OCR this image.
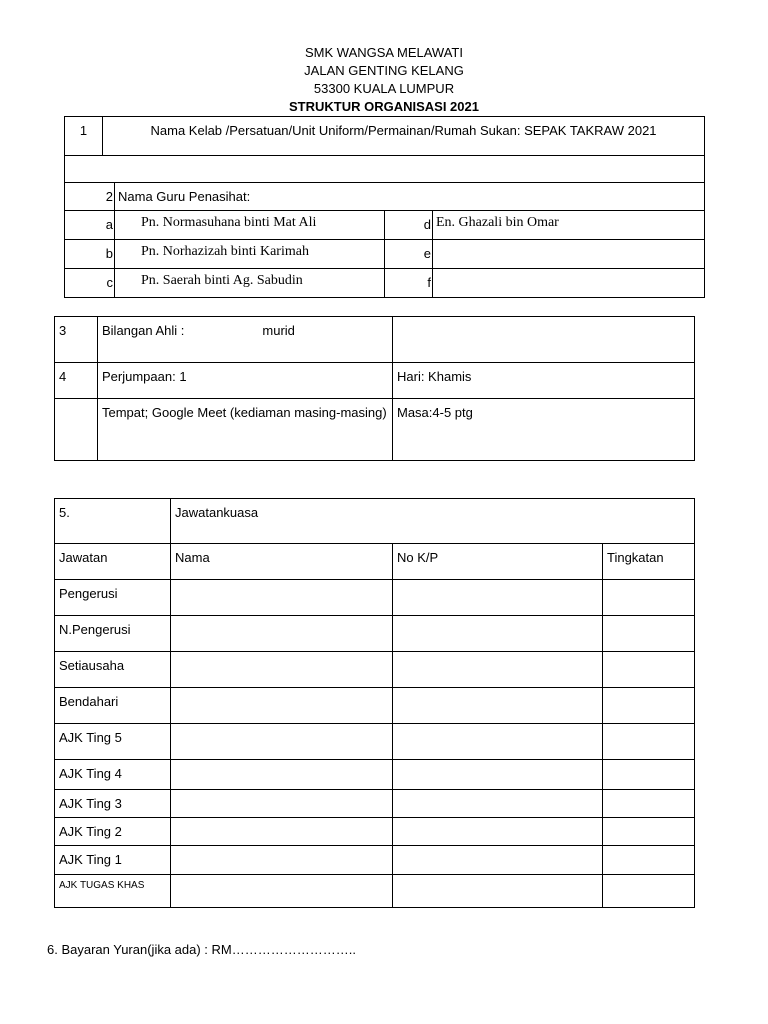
SMK WANGSA MELAWATI
JALAN GENTING KELANG
53300 KUALA LUMPUR
STRUKTUR ORGANISASI 2021
1	Nama Kelab /Persatuan/Unit Uniform/Permainan/Rumah Sukan: SEPAK TAKRAW 2021			

2		Nama Guru Penasihat:		

a		Pn. Normasuhana binti Mat Ali	d	En. Ghazali bin Omar

b		Pn. Norhazizah binti Karimah	e	

c		Pn. Saerah binti Ag. Sabudin	f	

3	Bilangan Ahli : murid	

4	Perjumpaan: 1	Hari: Khamis

	Tempat; Google Meet (kediaman masing-masing)	Masa:4-5 ptg
5.	Jawatankuasa		

Jawatan	Nama	No K/P	Tingkatan

Pengerusi			

N.Pengerusi			

Setiausaha			

Bendahari			

AJK Ting 5			

AJK Ting 4			

AJK Ting 3			

AJK Ting 2			

AJK Ting 1			

AJK TUGAS KHAS			

6. Bayaran Yuran(jika ada) : RM………………………..
